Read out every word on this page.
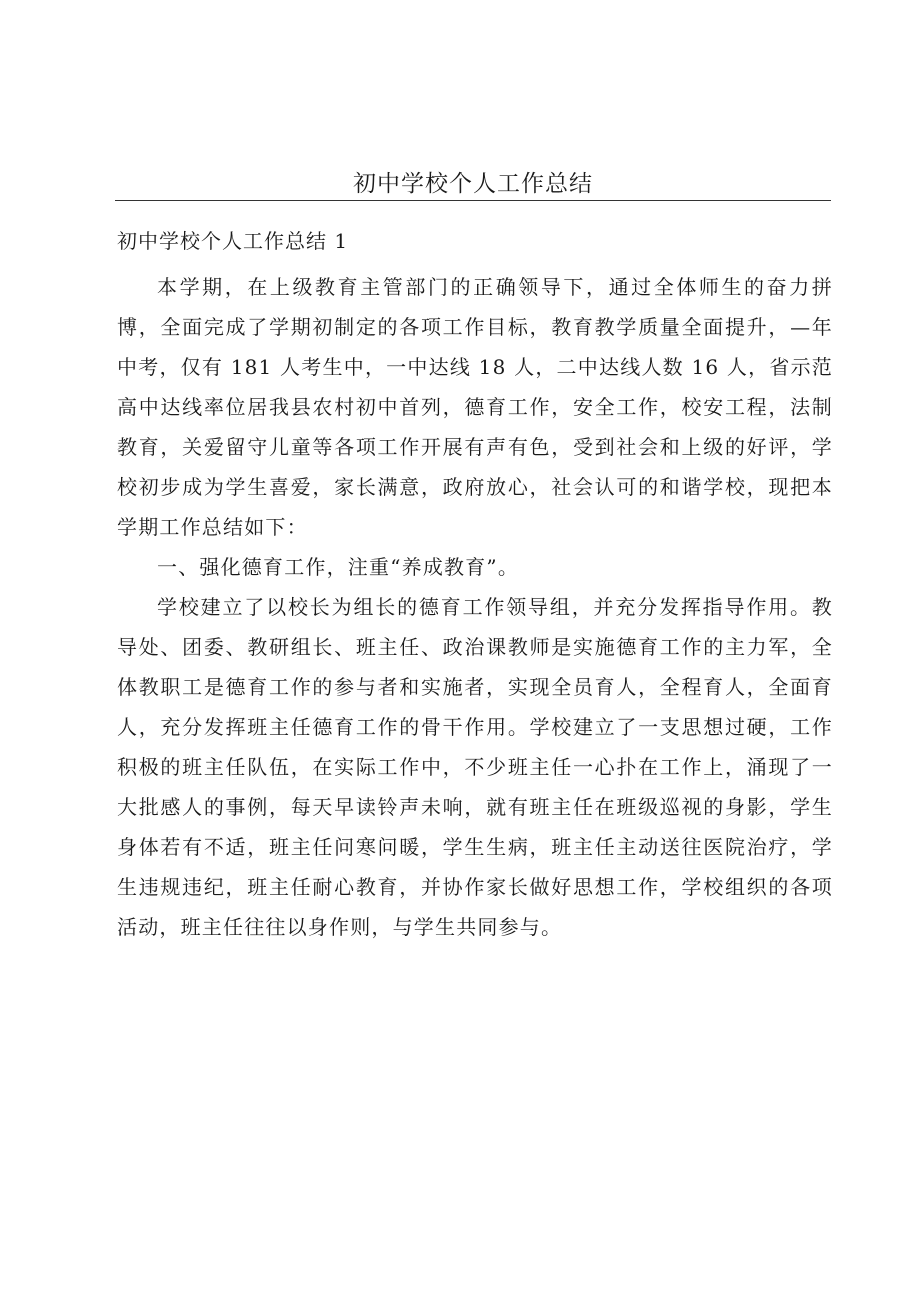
初中学校个人工作总结
初中学校个人工作总结 1

本学期，在上级教育主管部门的正确领导下，通过全体师生的奋力拼博，全面完成了学期初制定的各项工作目标，教育教学质量全面提升，—年中考，仅有 181 人考生中，一中达线 18 人，二中达线人数 16 人，省示范高中达线率位居我县农村初中首列，德育工作，安全工作，校安工程，法制教育，关爱留守儿童等各项工作开展有声有色，受到社会和上级的好评，学校初步成为学生喜爱，家长满意，政府放心，社会认可的和谐学校，现把本学期工作总结如下：

一、强化德育工作，注重“养成教育”。

学校建立了以校长为组长的德育工作领导组，并充分发挥指导作用。教导处、团委、教研组长、班主任、政治课教师是实施德育工作的主力军，全体教职工是德育工作的参与者和实施者，实现全员育人，全程育人，全面育人，充分发挥班主任德育工作的骨干作用。学校建立了一支思想过硬，工作积极的班主任队伍，在实际工作中，不少班主任一心扑在工作上，涌现了一大批感人的事例，每天早读铃声未响，就有班主任在班级巡视的身影，学生身体若有不适，班主任问寒问暖，学生生病，班主任主动送往医院治疗，学生违规违纪，班主任耐心教育，并协作家长做好思想工作，学校组织的各项活动，班主任往往以身作则，与学生共同参与。
